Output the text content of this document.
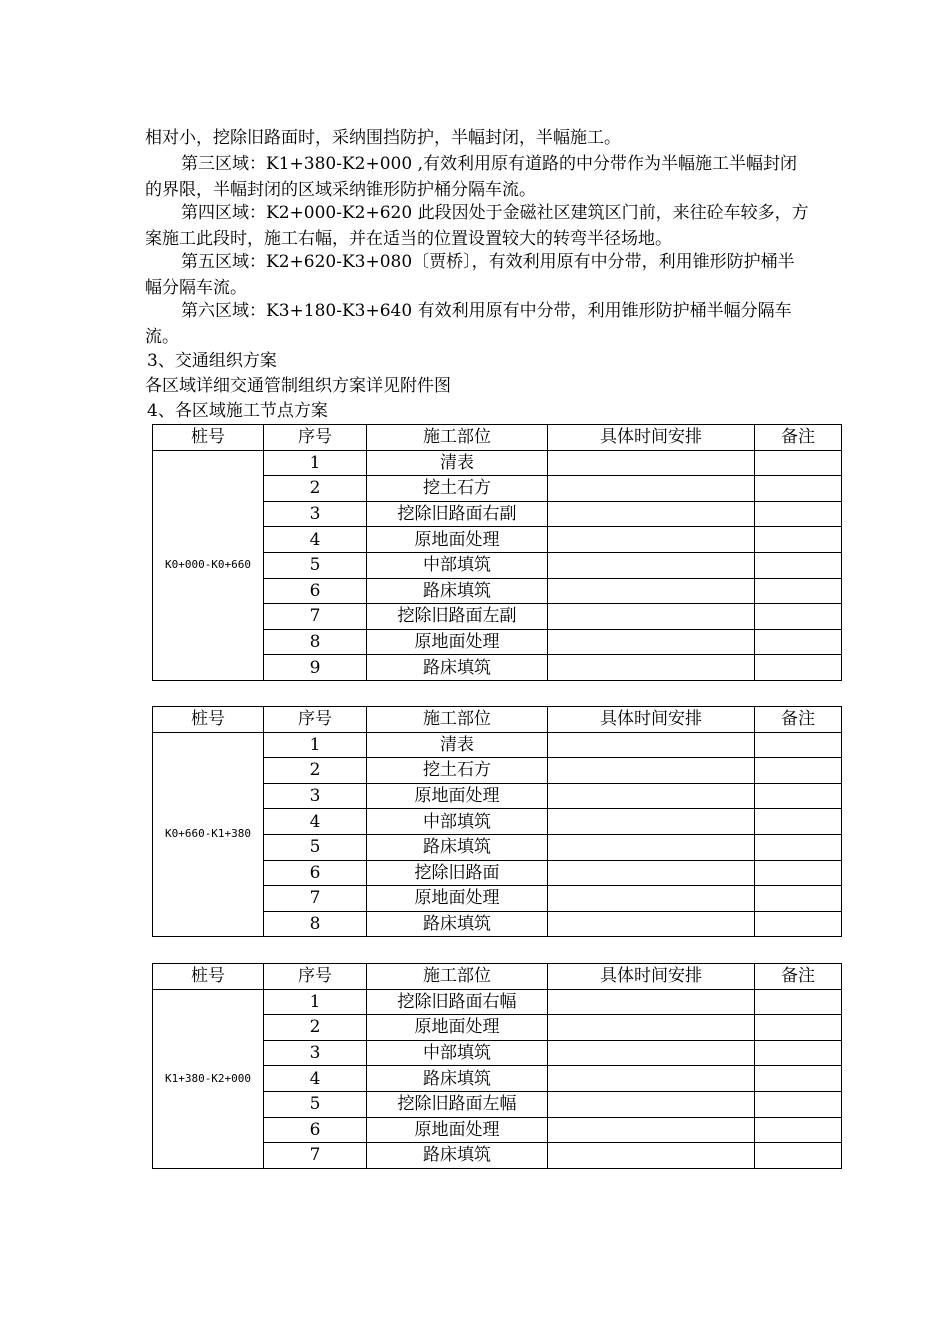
相对小，挖除旧路面时，采纳围挡防护，半幅封闭，半幅施工。

第三区域：K1+380-K2+000 ,有效利用原有道路的中分带作为半幅施工半幅封闭的界限，半幅封闭的区域采纳锥形防护桶分隔车流。

第四区域：K2+000-K2+620 此段因处于金磁社区建筑区门前，来往砼车较多，方案施工此段时，施工右幅，并在适当的位置设置较大的转弯半径场地。

第五区域：K2+620-K3+080〔贾桥〕，有效利用原有中分带，利用锥形防护桶半幅分隔车流。

第六区域：K3+180-K3+640 有效利用原有中分带，利用锥形防护桶半幅分隔车流。

3、交通组织方案

各区域详细交通管制组织方案详见附件图

4、各区域施工节点方案

桩号	序号	施工部位	具体时间安排	备注
K0+000-K0+660	1	清表		
	2	挖土石方		
	3	挖除旧路面右副		
	4	原地面处理		
	5	中部填筑		
	6	路床填筑		
	7	挖除旧路面左副		
	8	原地面处理		
	9	路床填筑		
桩号	序号	施工部位	具体时间安排	备注
K0+660-K1+380	1	清表		
	2	挖土石方		
	3	原地面处理		
	4	中部填筑		
	5	路床填筑		
	6	挖除旧路面		
	7	原地面处理		
	8	路床填筑		
桩号	序号	施工部位	具体时间安排	备注
K1+380-K2+000	1	挖除旧路面右幅		
	2	原地面处理		
	3	中部填筑		
	4	路床填筑		
	5	挖除旧路面左幅		
	6	原地面处理		
	7	路床填筑		
